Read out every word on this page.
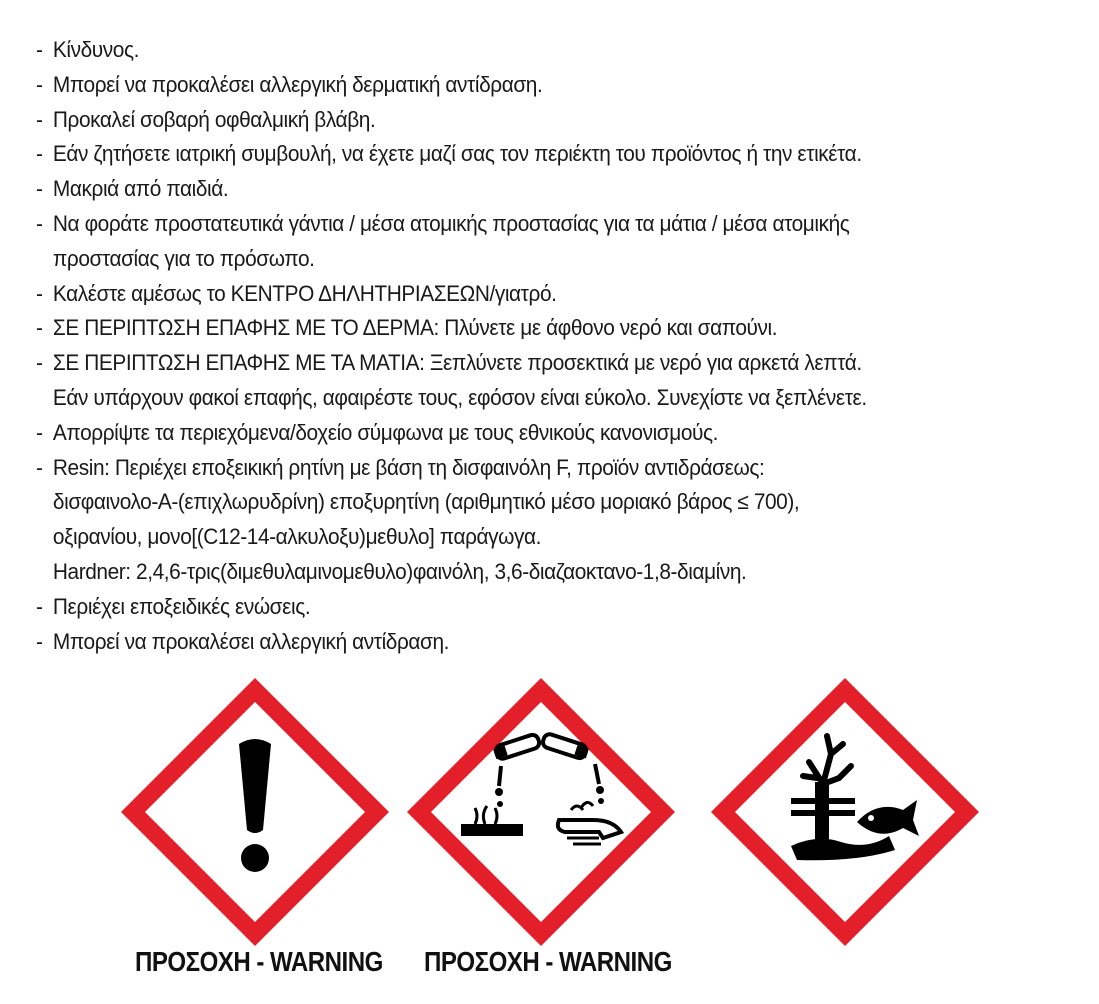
- Κίνδυνος.
- Μπορεί να προκαλέσει αλλεργική δερματική αντίδραση.
- Προκαλεί σοβαρή οφθαλμική βλάβη.
- Εάν ζητήσετε ιατρική συμβουλή, να έχετε μαζί σας τον περιέκτη του προϊόντος ή την ετικέτα.
- Μακριά από παιδιά.
- Να φοράτε προστατευτικά γάντια / μέσα ατομικής προστασίας για τα μάτια / μέσα ατομικής
προστασίας για το πρόσωπο.
- Καλέστε αμέσως το ΚΕΝΤΡΟ ΔΗΛΗΤΗΡΙΑΣΕΩΝ/γιατρό.
- ΣΕ ΠΕΡΙΠΤΩΣΗ ΕΠΑΦΗΣ ΜΕ ΤΟ ΔΕΡΜΑ: Πλύνετε με άφθονο νερό και σαπούνι.
- ΣΕ ΠΕΡΙΠΤΩΣΗ ΕΠΑΦΗΣ ΜΕ ΤΑ ΜΑΤΙΑ: Ξεπλύνετε προσεκτικά με νερό για αρκετά λεπτά.
Εάν υπάρχουν φακοί επαφής, αφαιρέστε τους, εφόσον είναι εύκολο. Συνεχίστε να ξεπλένετε.
- Απορρίψτε τα περιεχόμενα/δοχείο σύμφωνα με τους εθνικούς κανονισμούς.
- Resin: Περιέχει εποξεικική ρητίνη με βάση τη δισφαινόλη F, προϊόν αντιδράσεως:
δισφαινολο-Α-(επιχλωρυδρίνη) εποξυρητίνη (αριθμητικό μέσο μοριακό βάρος ≤ 700),
οξιρανίου, μονο[(C12-14-αλκυλοξυ)μεθυλο] παράγωγα.
Hardner: 2,4,6-τρις(διμεθυλαμινομεθυλο)φαινόλη, 3,6-διαζαοκτανο-1,8-διαμίνη.
- Περιέχει εποξειδικές ενώσεις.
- Μπορεί να προκαλέσει αλλεργική αντίδραση.
ΠΡΟΣΟΧΗ - WARNING ΠΡΟΣΟΧΗ - WARNING
